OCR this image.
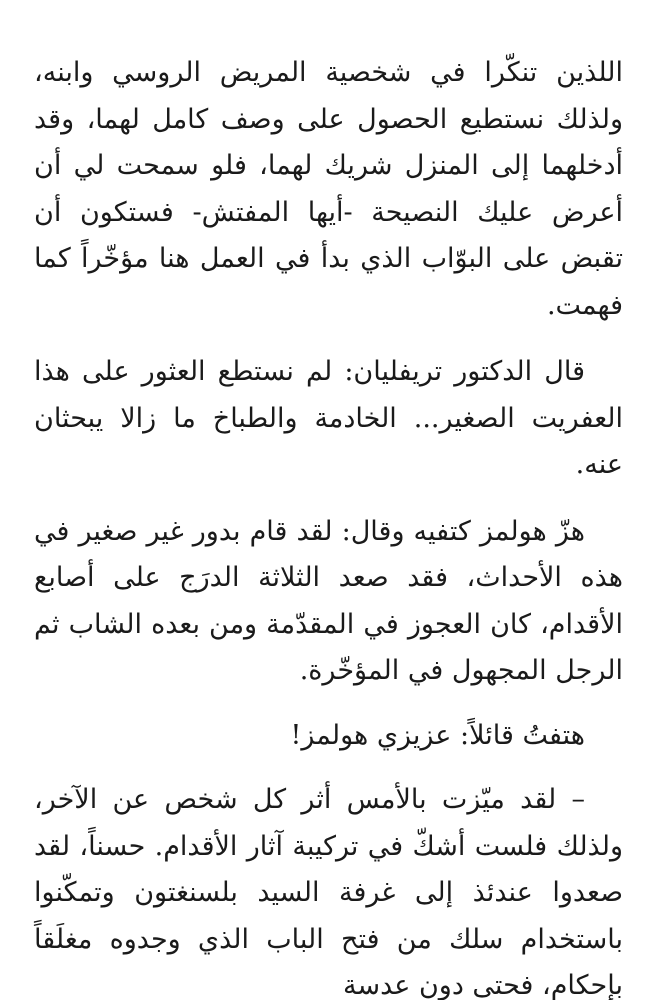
اللذين تنكّرا في شخصية المريض الروسي وابنه، ولذلك نستطيع الحصول على وصف كامل لهما، وقد أدخلهما إلى المنزل شريك لهما، فلو سمحت لي أن أعرض عليك النصيحة -أيها المفتش- فستكون أن تقبض على البوّاب الذي بدأ في العمل هنا مؤخّراً كما فهمت.

قال الدكتور تريفليان: لم نستطع العثور على هذا العفريت الصغير... الخادمة والطباخ ما زالا يبحثان عنه.

هزّ هولمز كتفيه وقال: لقد قام بدور غير صغير في هذه الأحداث، فقد صعد الثلاثة الدرَج على أصابع الأقدام، كان العجوز في المقدّمة ومن بعده الشاب ثم الرجل المجهول في المؤخّرة.

هتفتُ قائلاً: عزيزي هولمز!

– لقد ميّزت بالأمس أثر كل شخص عن الآخر، ولذلك فلست أشكّ في تركيبة آثار الأقدام. حسناً، لقد صعدوا عندئذ إلى غرفة السيد بلسنغتون وتمكّنوا باستخدام سلك من فتح الباب الذي وجدوه مغلَقاً بإحكام، فحتى دون عدسة
